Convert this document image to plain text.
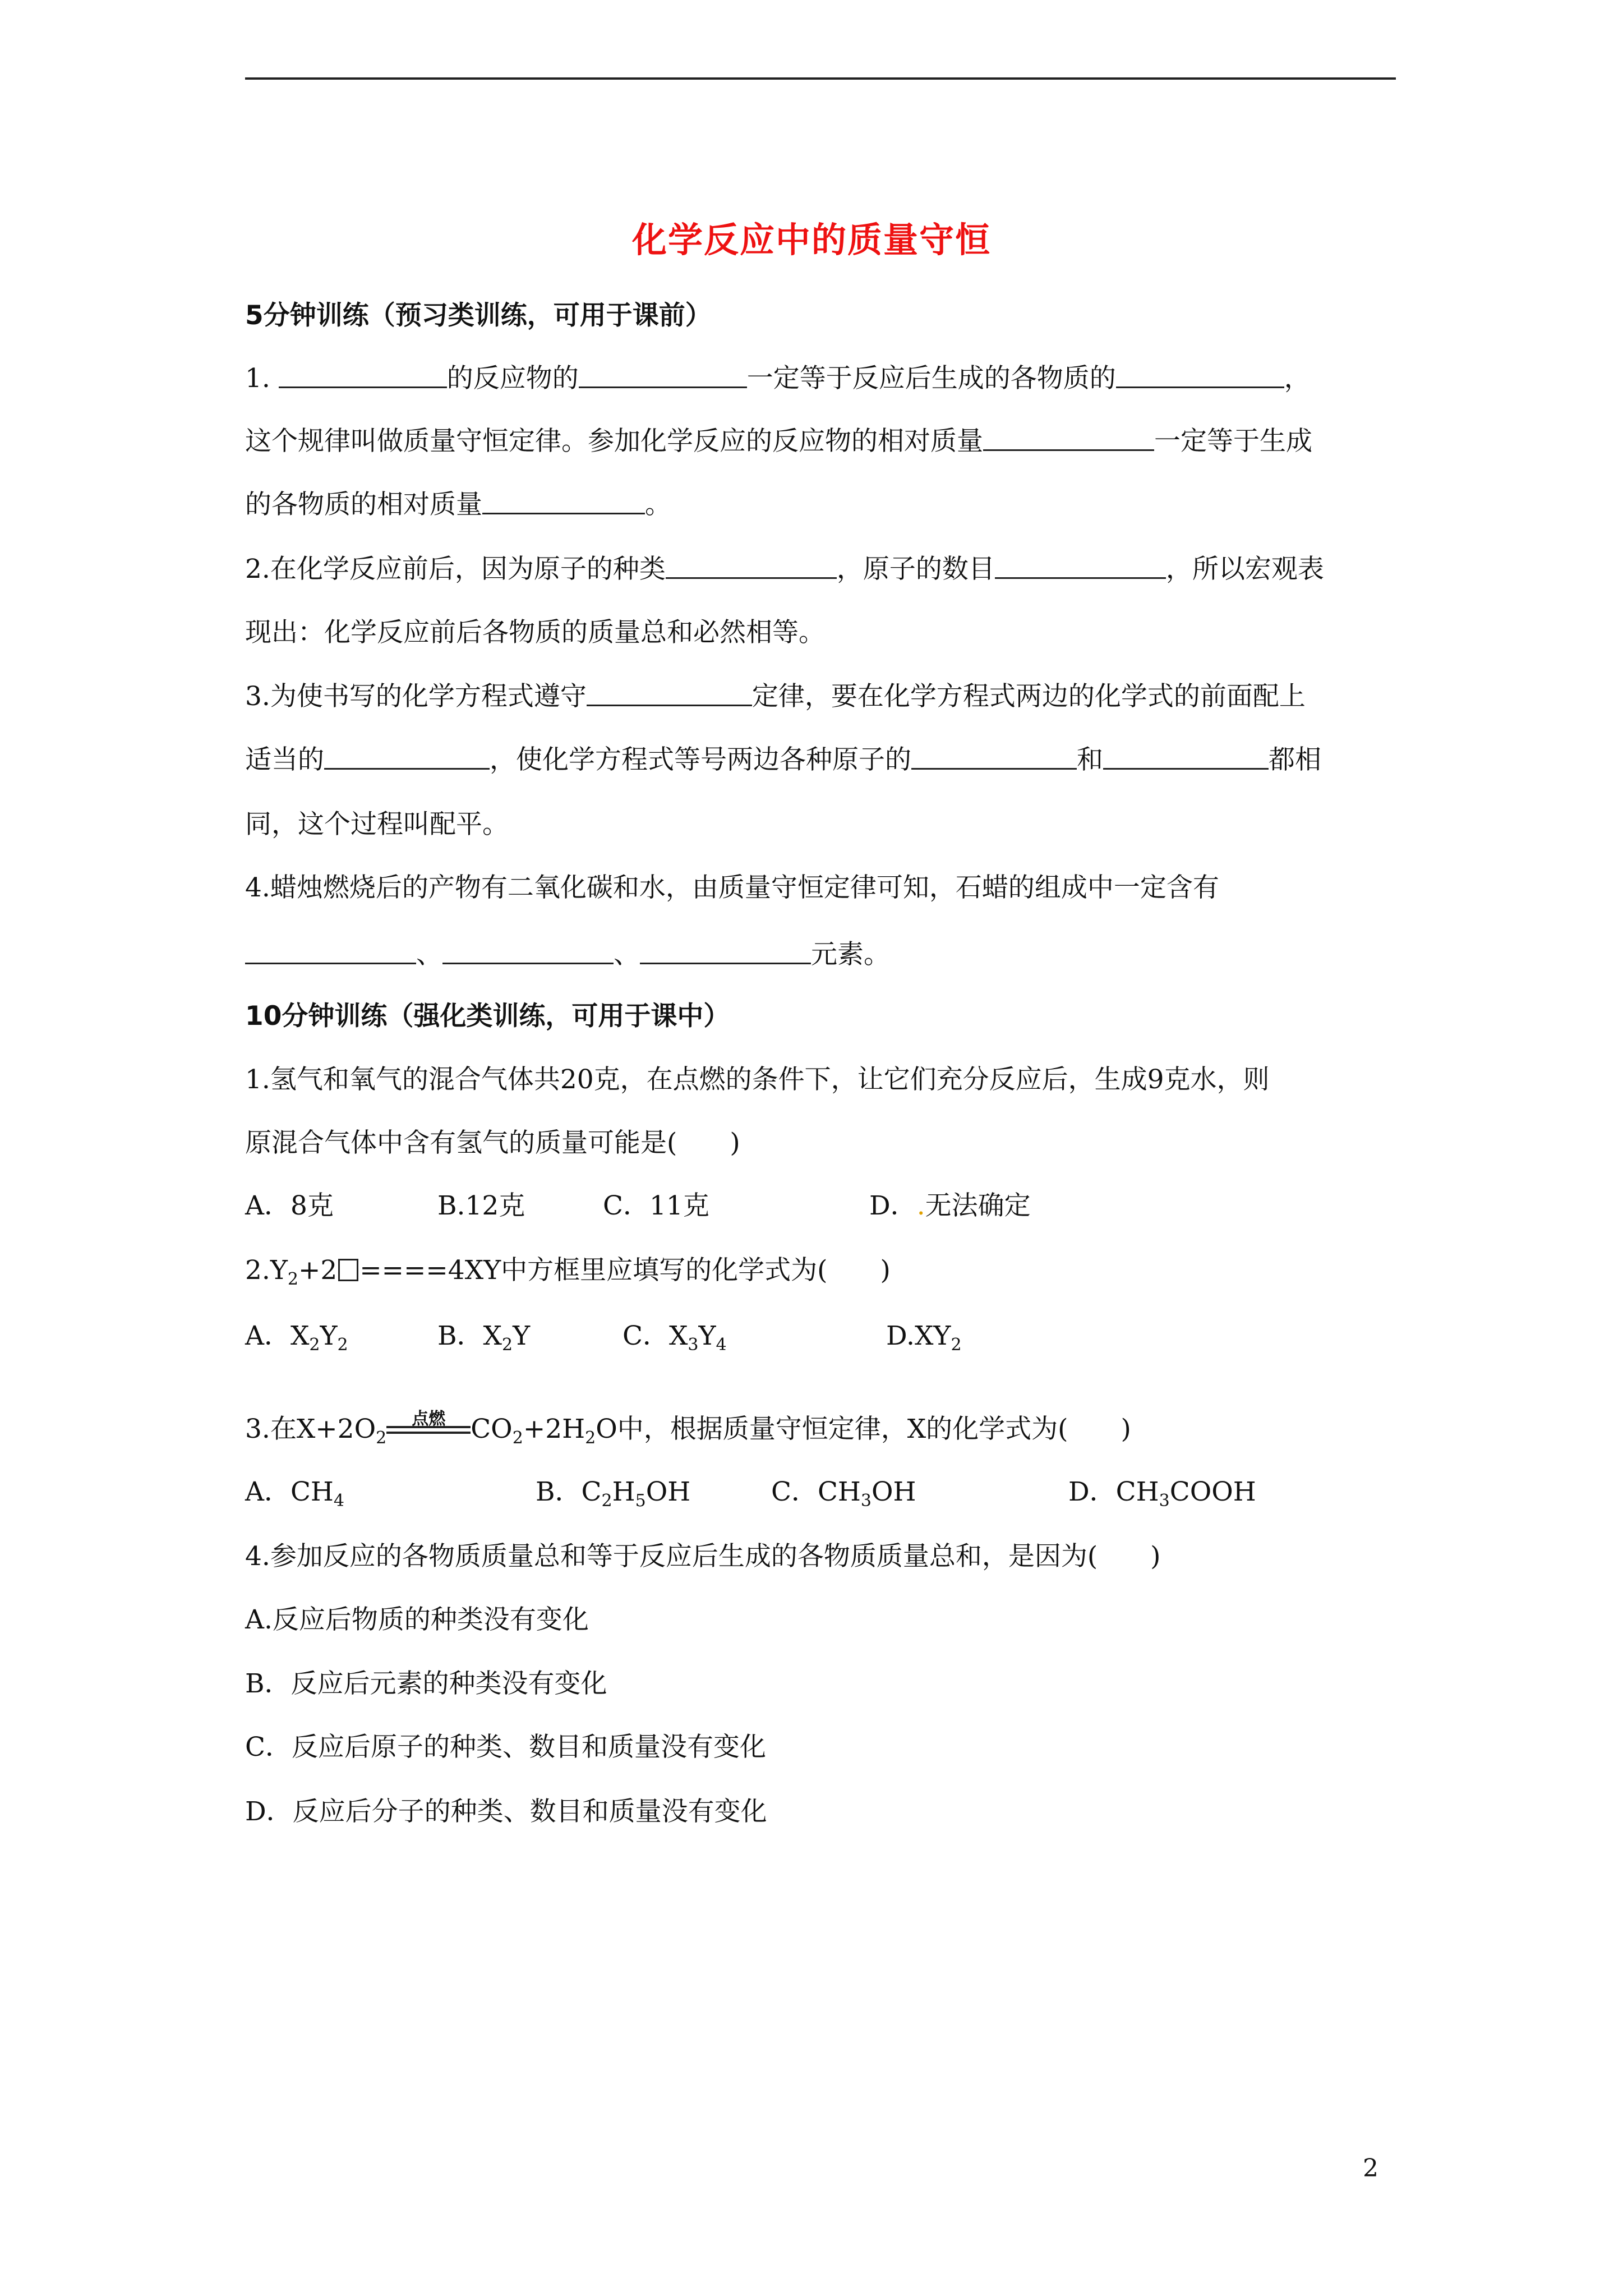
化学反应中的质量守恒
5分钟训练（预习类训练，可用于课前）
1.	的反应物的	一定等于反应后生成的各物质的	，
这个规律叫做质量守恒定律。参加化学反应的反应物的相对质量	一定等于生成
的各物质的相对质量	。
2.在化学反应前后，因为原子的种类	，原子的数目	，所以宏观表
现出：化学反应前后各物质的质量总和必然相等。
3.为使书写的化学方程式遵守	定律，要在化学方程式两边的化学式的前面配上
适当的	，使化学方程式等号两边各种原子的	和	都相
同，这个过程叫配平。
4.蜡烛燃烧后的产物有二氧化碳和水，由质量守恒定律可知，石蜡的组成中一定含有
、	、	元素。
10分钟训练（强化类训练，可用于课中）
1.氢气和氧气的混合气体共20克，在点燃的条件下，让它们充分反应后，生成9克水，则
原混合气体中含有氢气的质量可能是(　　)
A．8克	B.12克	C．11克	D．.无法确定
$2.Y_2+2 ====4XY$中方框里应填写的化学式为(　　)
A．$X_2Y_2$	B．$X_2Y$	C．$X_3Y_4$	$D.XY_2$
3.在$X+2O_2$
点燃 $CO_2+2H_2O$中，根据质量守恒定律，X的化学式为(　　)
A．$CH_4$	B．$C_2H_5OH$	C．$CH_3OH$	D．$CH_3COOH$
4.参加反应的各物质质量总和等于反应后生成的各物质质量总和，是因为(　　)
A.反应后物质的种类没有变化
B．反应后元素的种类没有变化
C．反应后原子的种类、数目和质量没有变化
D．反应后分子的种类、数目和质量没有变化
2
